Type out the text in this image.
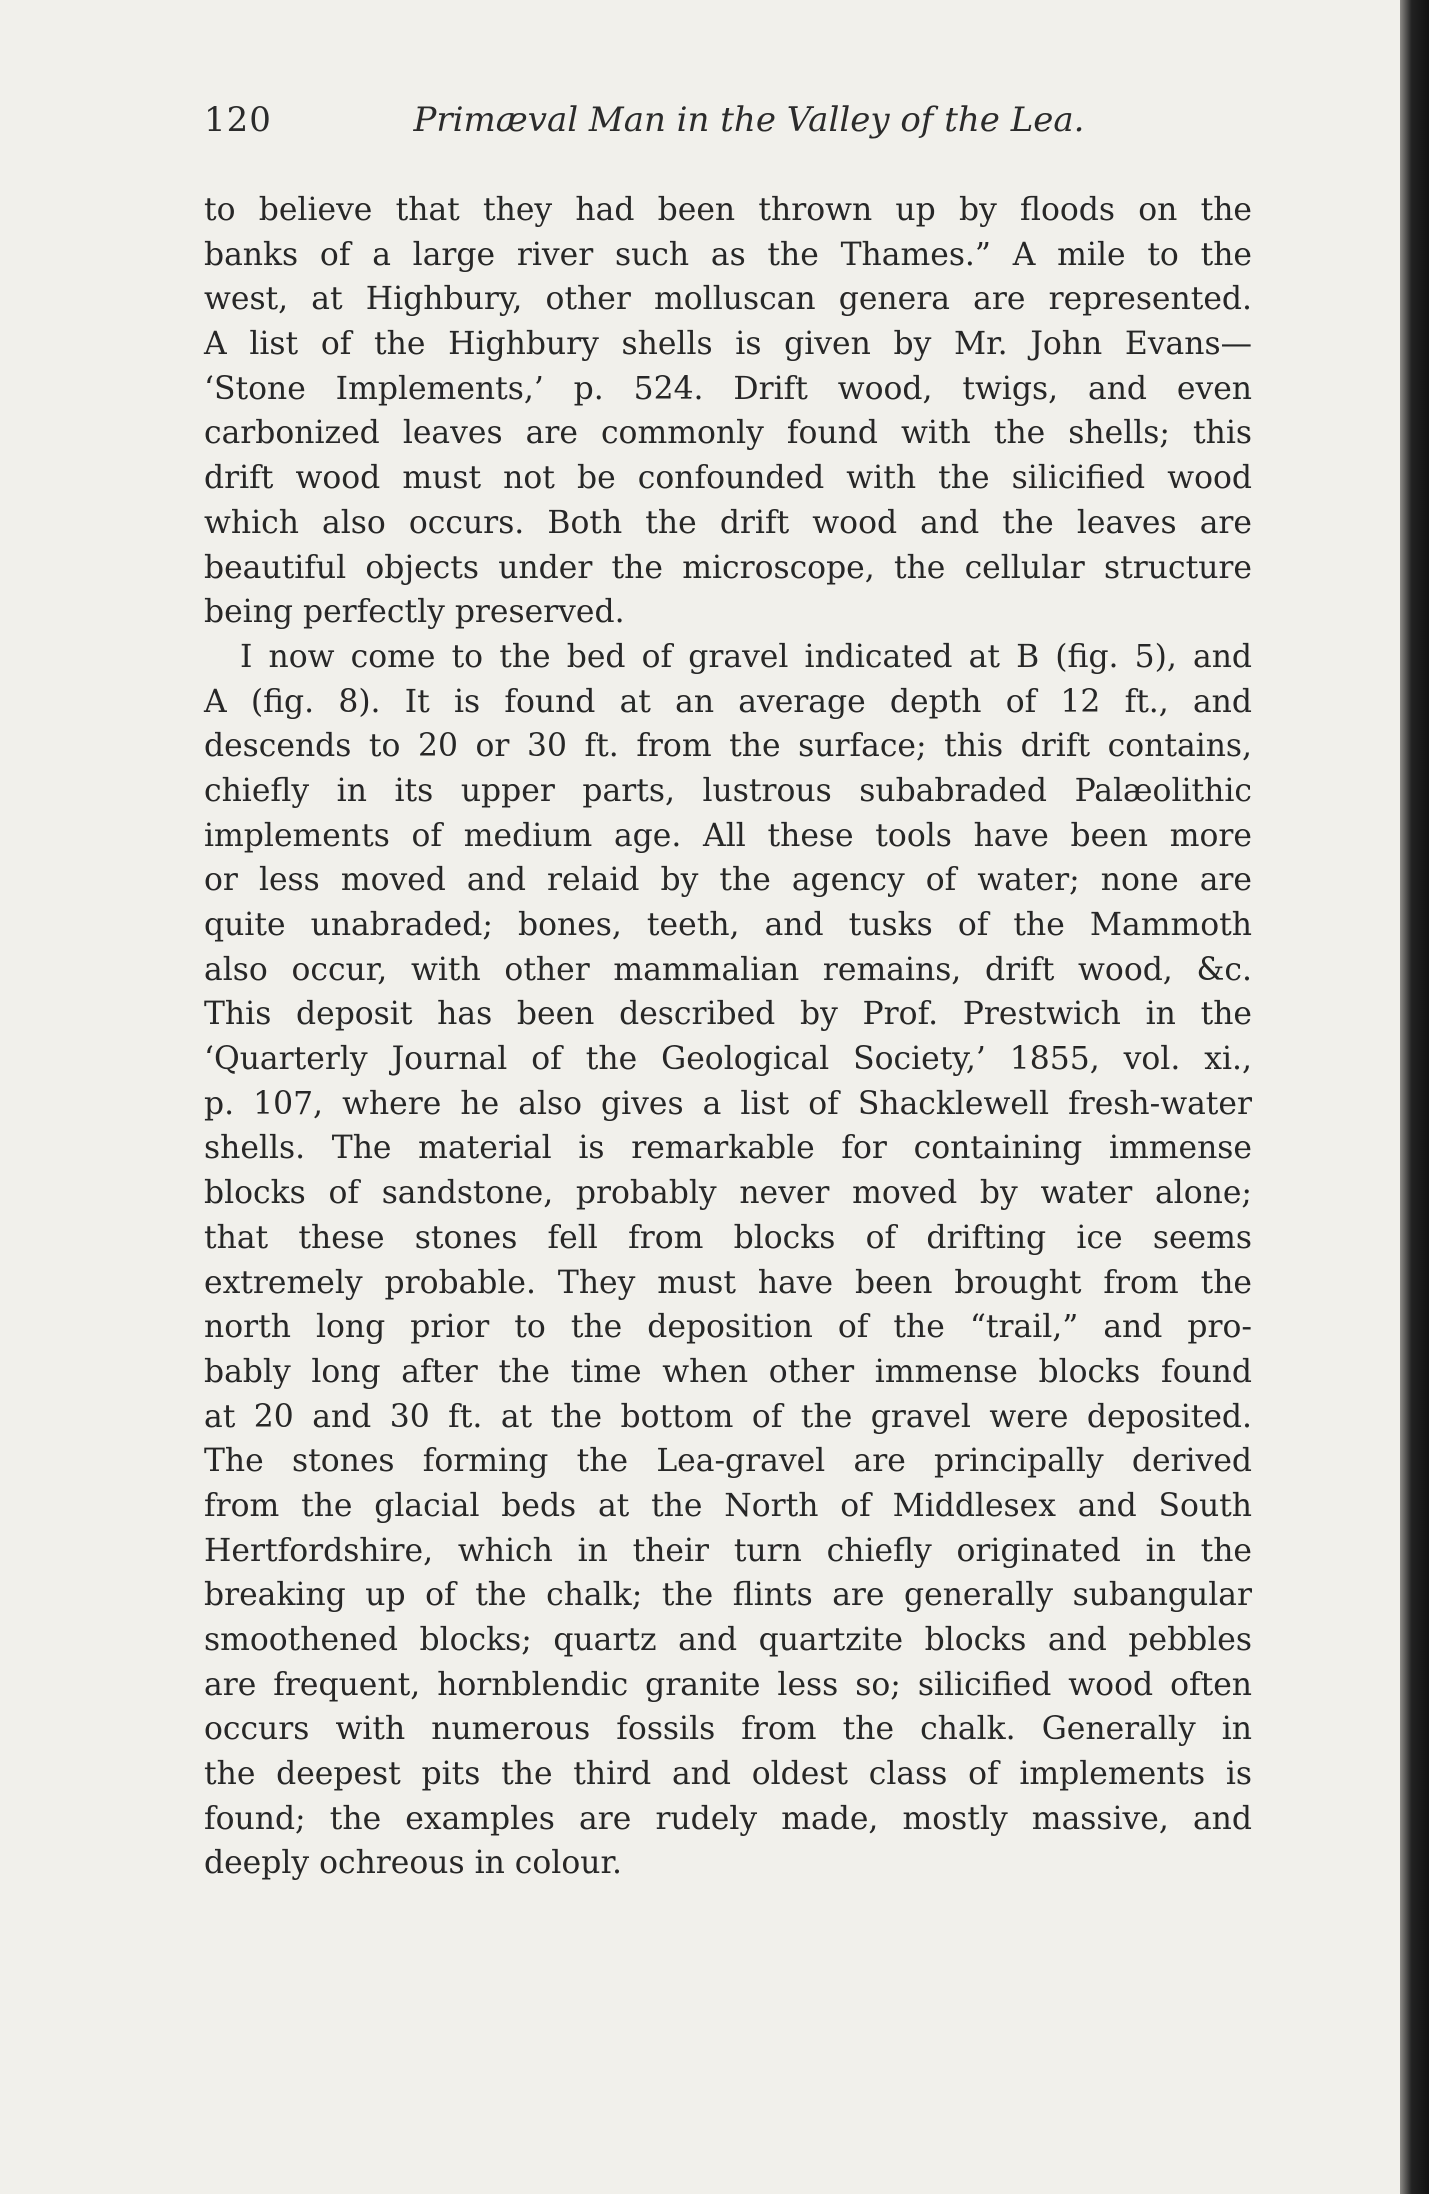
120	Primæval Man in the Valley of the Lea.
to believe that they had been thrown up by floods on the
banks of a large river such as the Thames.” A mile to the
west, at Highbury, other molluscan genera are represented.
A list of the Highbury shells is given by Mr. John Evans—
‘Stone Implements,’ p. 524. Drift wood, twigs, and even
carbonized leaves are commonly found with the shells; this
drift wood must not be confounded with the silicified wood
which also occurs. Both the drift wood and the leaves are
beautiful objects under the microscope, the cellular structure
being perfectly preserved.
I now come to the bed of gravel indicated at B (fig. 5), and
A (fig. 8). It is found at an average depth of 12 ft., and
descends to 20 or 30 ft. from the surface; this drift contains,
chiefly in its upper parts, lustrous subabraded Palæolithic
implements of medium age. All these tools have been more
or less moved and relaid by the agency of water; none are
quite unabraded; bones, teeth, and tusks of the Mammoth
also occur, with other mammalian remains, drift wood, &c.
This deposit has been described by Prof. Prestwich in the
‘Quarterly Journal of the Geological Society,’ 1855, vol. xi.,
p. 107, where he also gives a list of Shacklewell fresh-water
shells. The material is remarkable for containing immense
blocks of sandstone, probably never moved by water alone;
that these stones fell from blocks of drifting ice seems
extremely probable. They must have been brought from the
north long prior to the deposition of the “trail,” and pro-
bably long after the time when other immense blocks found
at 20 and 30 ft. at the bottom of the gravel were deposited.
The stones forming the Lea-gravel are principally derived
from the glacial beds at the North of Middlesex and South
Hertfordshire, which in their turn chiefly originated in the
breaking up of the chalk; the flints are generally subangular
smoothened blocks; quartz and quartzite blocks and pebbles
are frequent, hornblendic granite less so; silicified wood often
occurs with numerous fossils from the chalk. Generally in
the deepest pits the third and oldest class of implements is
found; the examples are rudely made, mostly massive, and
deeply ochreous in colour.
